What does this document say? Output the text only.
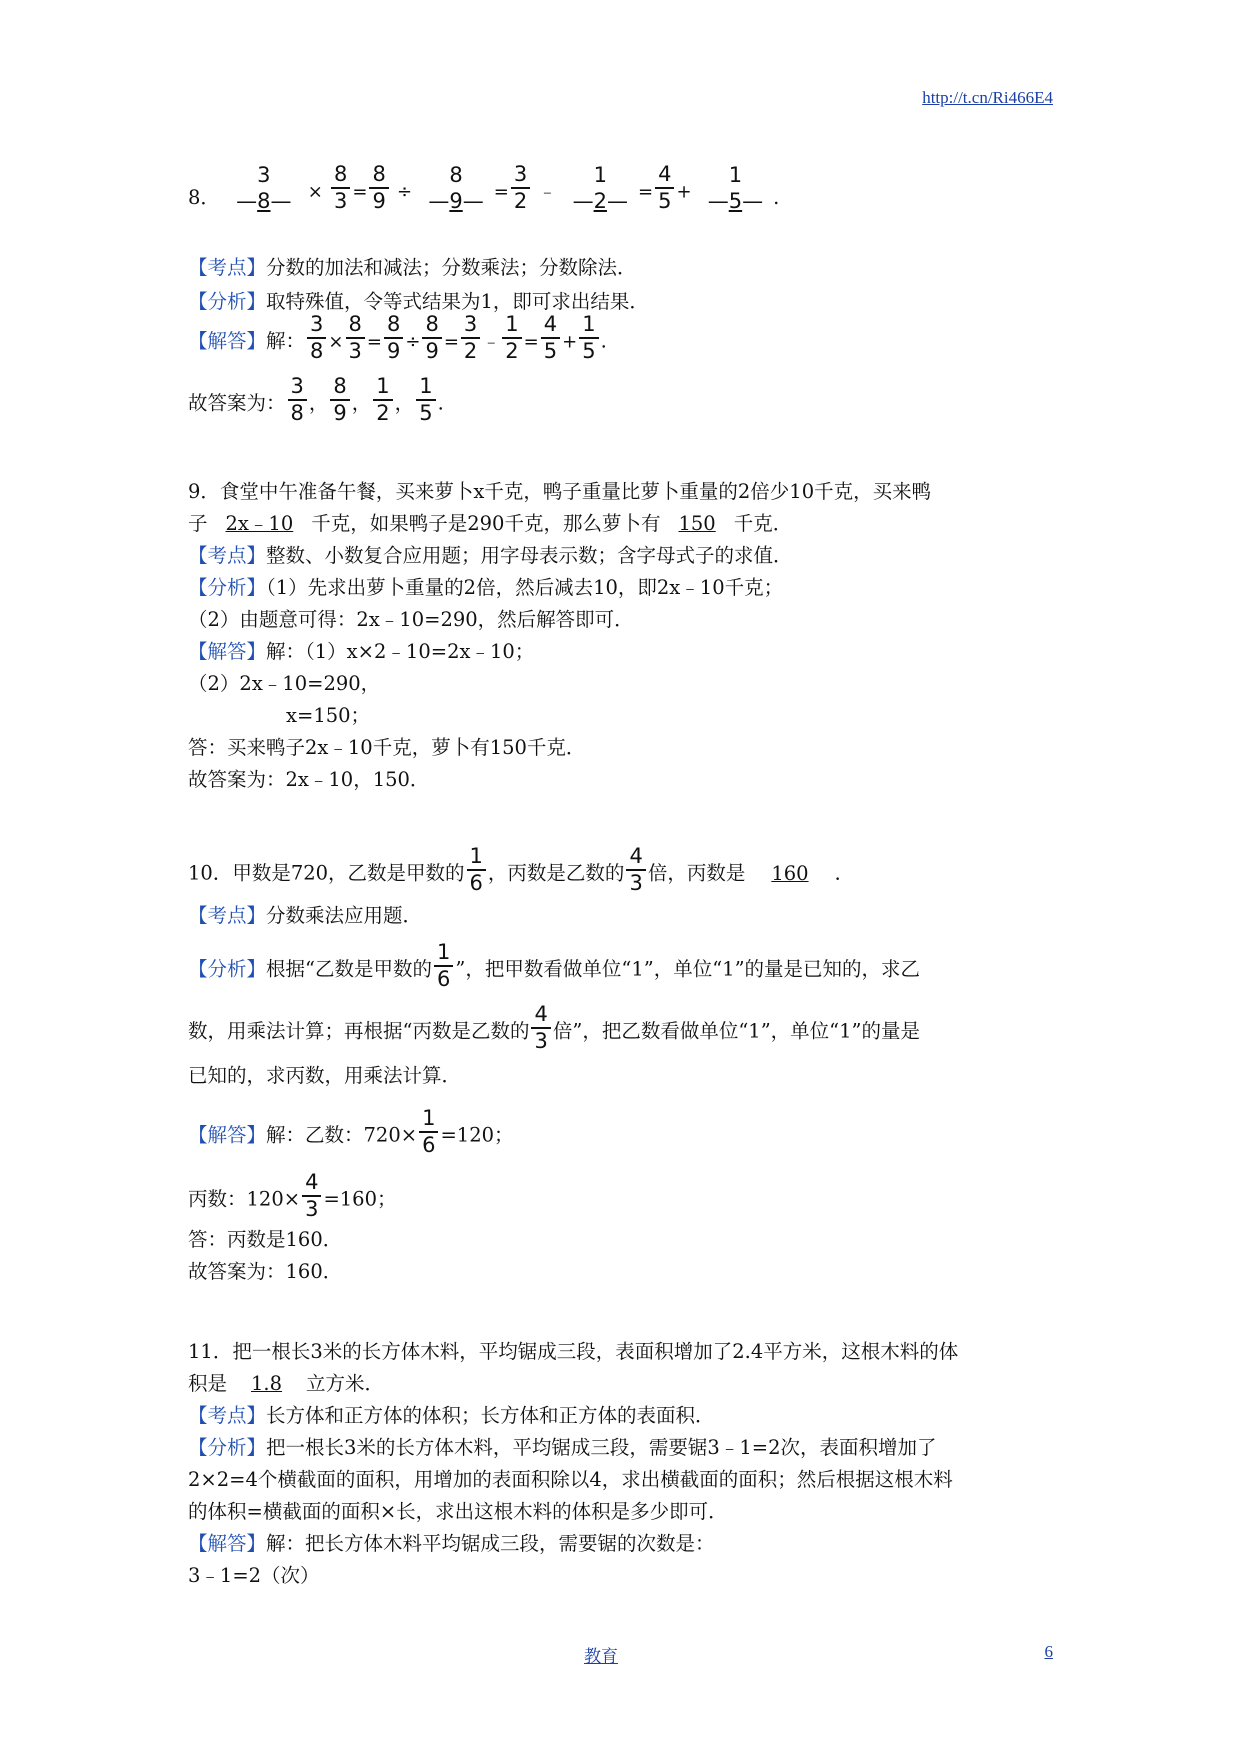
http://t.cn/Ri466E4
8．
3
—8— × $\frac{8}{3} = \frac{8}{9}$ ÷
8
—9— = $\frac{3}{2}$ ﹣
1
—2— = $\frac{4}{5}$ +
1
—5— .
【考点】分数的加法和减法；分数乘法；分数除法．
【分析】取特殊值，令等式结果为1，即可求出结果．
【解答】解： $\frac{3}{8} \times \frac{8}{3} = \frac{8}{9} \div \frac{8}{9} = \frac{3}{2}$ ﹣ $\frac{1}{2} = \frac{4}{5} + \frac{1}{5}$ .
故答案为： $\frac{3}{8}$ ， $\frac{8}{9}$ ， $\frac{1}{2}$ ， $\frac{1}{5}$ .
9．食堂中午准备午餐，买来萝卜x千克，鸭子重量比萝卜重量的2倍少10千克，买来鸭
子 2x﹣10 千克，如果鸭子是290千克，那么萝卜有 150 千克．
【考点】整数、小数复合应用题；用字母表示数；含字母式子的求值．
【分析】（1）先求出萝卜重量的2倍，然后减去10，即2x﹣10千克；
（2）由题意可得：2x﹣10=290，然后解答即可．
【解答】解：（1）x×2﹣10=2x﹣10；
（2）2x﹣10=290，
x=150；
答：买来鸭子2x﹣10千克，萝卜有150千克．
故答案为：2x﹣10，150．
10．甲数是720，乙数是甲数的 $\frac{1}{6}$ ，丙数是乙数的 $\frac{4}{3}$ 倍，丙数是 160 ．
【考点】分数乘法应用题．
【分析】根据“乙数是甲数的 $\frac{1}{6}$ ”，把甲数看做单位“1”，单位“1”的量是已知的，求乙
数，用乘法计算；再根据“丙数是乙数的 $\frac{4}{3}$ 倍”，把乙数看做单位“1”，单位“1”的量是
已知的，求丙数，用乘法计算．
【解答】解：乙数：$720\times \frac{1}{6} =120$；
丙数：$120\times \frac{4}{3} =160$；
答：丙数是160．
故答案为：160．
11．把一根长3米的长方体木料，平均锯成三段，表面积增加了2.4平方米，这根木料的体
积是 1.8 立方米．
【考点】长方体和正方体的体积；长方体和正方体的表面积．
【分析】把一根长3米的长方体木料，平均锯成三段，需要锯3﹣1=2次，表面积增加了
2×2=4个横截面的面积，用增加的表面积除以4，求出横截面的面积；然后根据这根木料
的体积=横截面的面积×长，求出这根木料的体积是多少即可．
【解答】解：把长方体木料平均锯成三段，需要锯的次数是：
3﹣1=2（次）
教育	6
